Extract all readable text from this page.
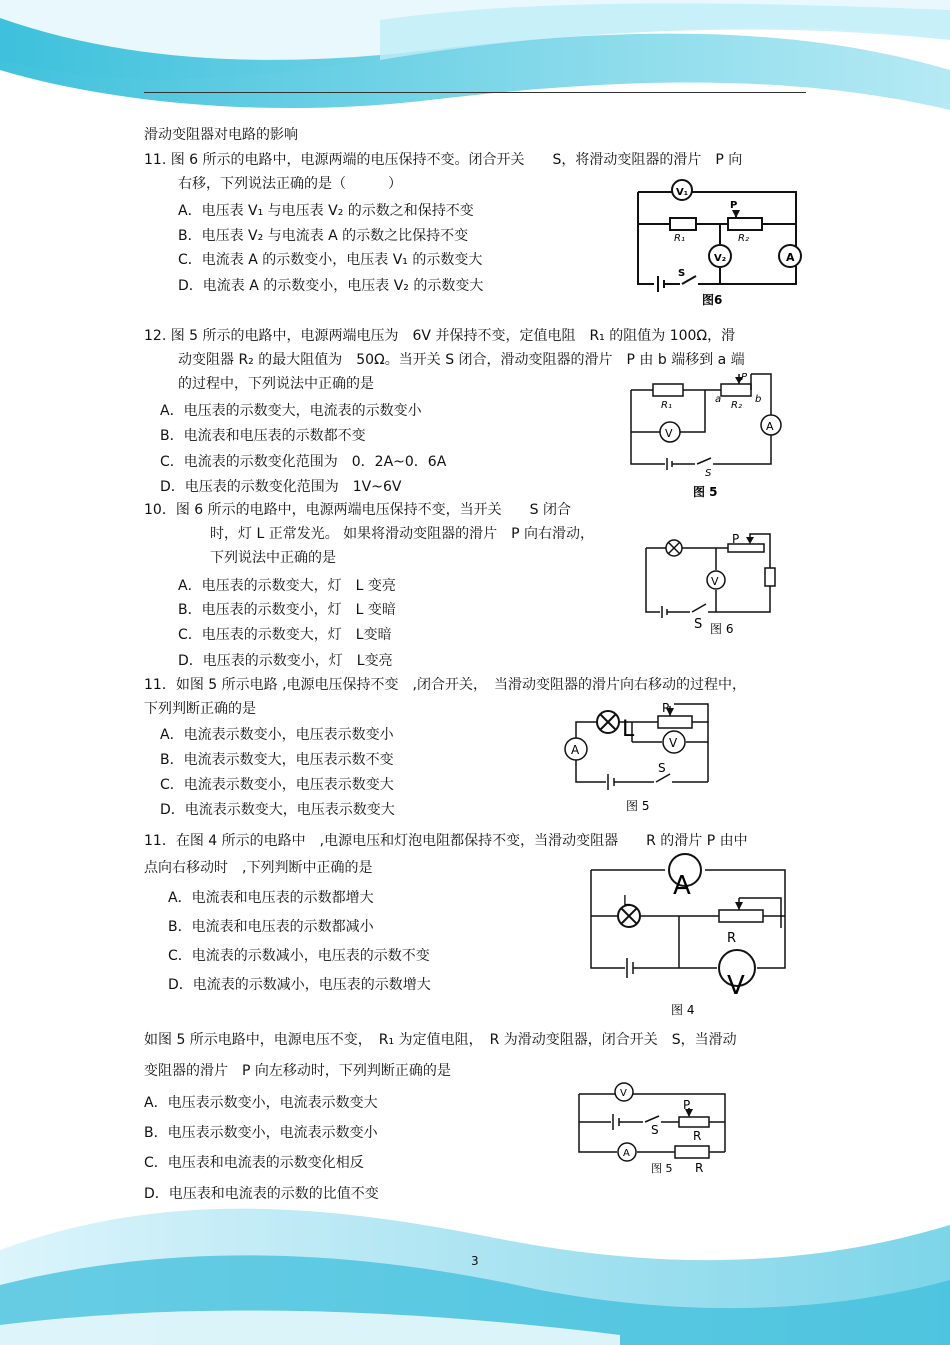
滑动变阻器对电路的影响
11. 图 6 所示的电路中，电源两端的电压保持不变。闭合开关　　S，将滑动变阻器的滑片　P 向
右移，下列说法正确的是（　　　）
A．电压表 V₁ 与电压表 V₂ 的示数之和保持不变
B．电压表 V₂ 与电流表 A 的示数之比保持不变
C．电流表 A 的示数变小，电压表 V₁ 的示数变大
D．电流表 A 的示数变小，电压表 V₂ 的示数变大
V₁
V₂	A
R₁	R₂
P
S
图6
12. 图 5 所示的电路中，电源两端电压为　6V 并保持不变，定值电阻　R₁ 的阻值为 100Ω，滑
动变阻器 R₂ 的最大阻值为　50Ω。当开关 S 闭合，滑动变阻器的滑片　P 由 b 端移到 a 端
的过程中，下列说法中正确的是
A．电压表的示数变大，电流表的示数变小
B．电流表和电压表的示数都不变
C．电流表的示数变化范围为　0．2A~0．6A
D．电压表的示数变化范围为　1V~6V
V
A
R₁	R₂
a	b
P
S
图 5
10．图 6 所示的电路中，电源两端电压保持不变，当开关　　S 闭合
时，灯 L 正常发光。 如果将滑动变阻器的滑片　P 向右滑动，
下列说法中正确的是
A．电压表的示数变大，灯　L 变亮
B．电压表的示数变小，灯　L 变暗
C．电压表的示数变大，灯　L变暗
D．电压表的示数变小，灯　L变亮
V
P
S 图 6
11．如图 5 所示电路 ,电源电压保持不变　,闭合开关，　当滑动变阻器的滑片向右移动的过程中，
下列判断正确的是
A．电流表示数变小，电压表示数变小
B．电流表示数变大，电压表示数不变
C．电流表示数变小，电压表示数变大
D．电流表示数变大，电压表示数变大
L
V
A
P
S
图 5
11．在图 4 所示的电路中　,电源电压和灯泡电阻都保持不变，当滑动变阻器　　R 的滑片 P 由中
点向右移动时　,下列判断中正确的是
A．电流表和电压表的示数都增大
B．电流表和电压表的示数都减小
C．电流表的示数减小，电压表的示数不变
D．电流表的示数减小，电压表的示数增大
A
V
L
R
图 4
如图 5 所示电路中，电源电压不变，　R₁ 为定值电阻，　R 为滑动变阻器，闭合开关　S，当滑动
变阻器的滑片　P 向左移动时，下列判断正确的是
A．电压表示数变小，电流表示数变大
B．电压表示数变小，电流表示数变小
C．电压表和电流表的示数变化相反
D．电压表和电流表的示数的比值不变
V
A
P
R
S
图 5 R
3
